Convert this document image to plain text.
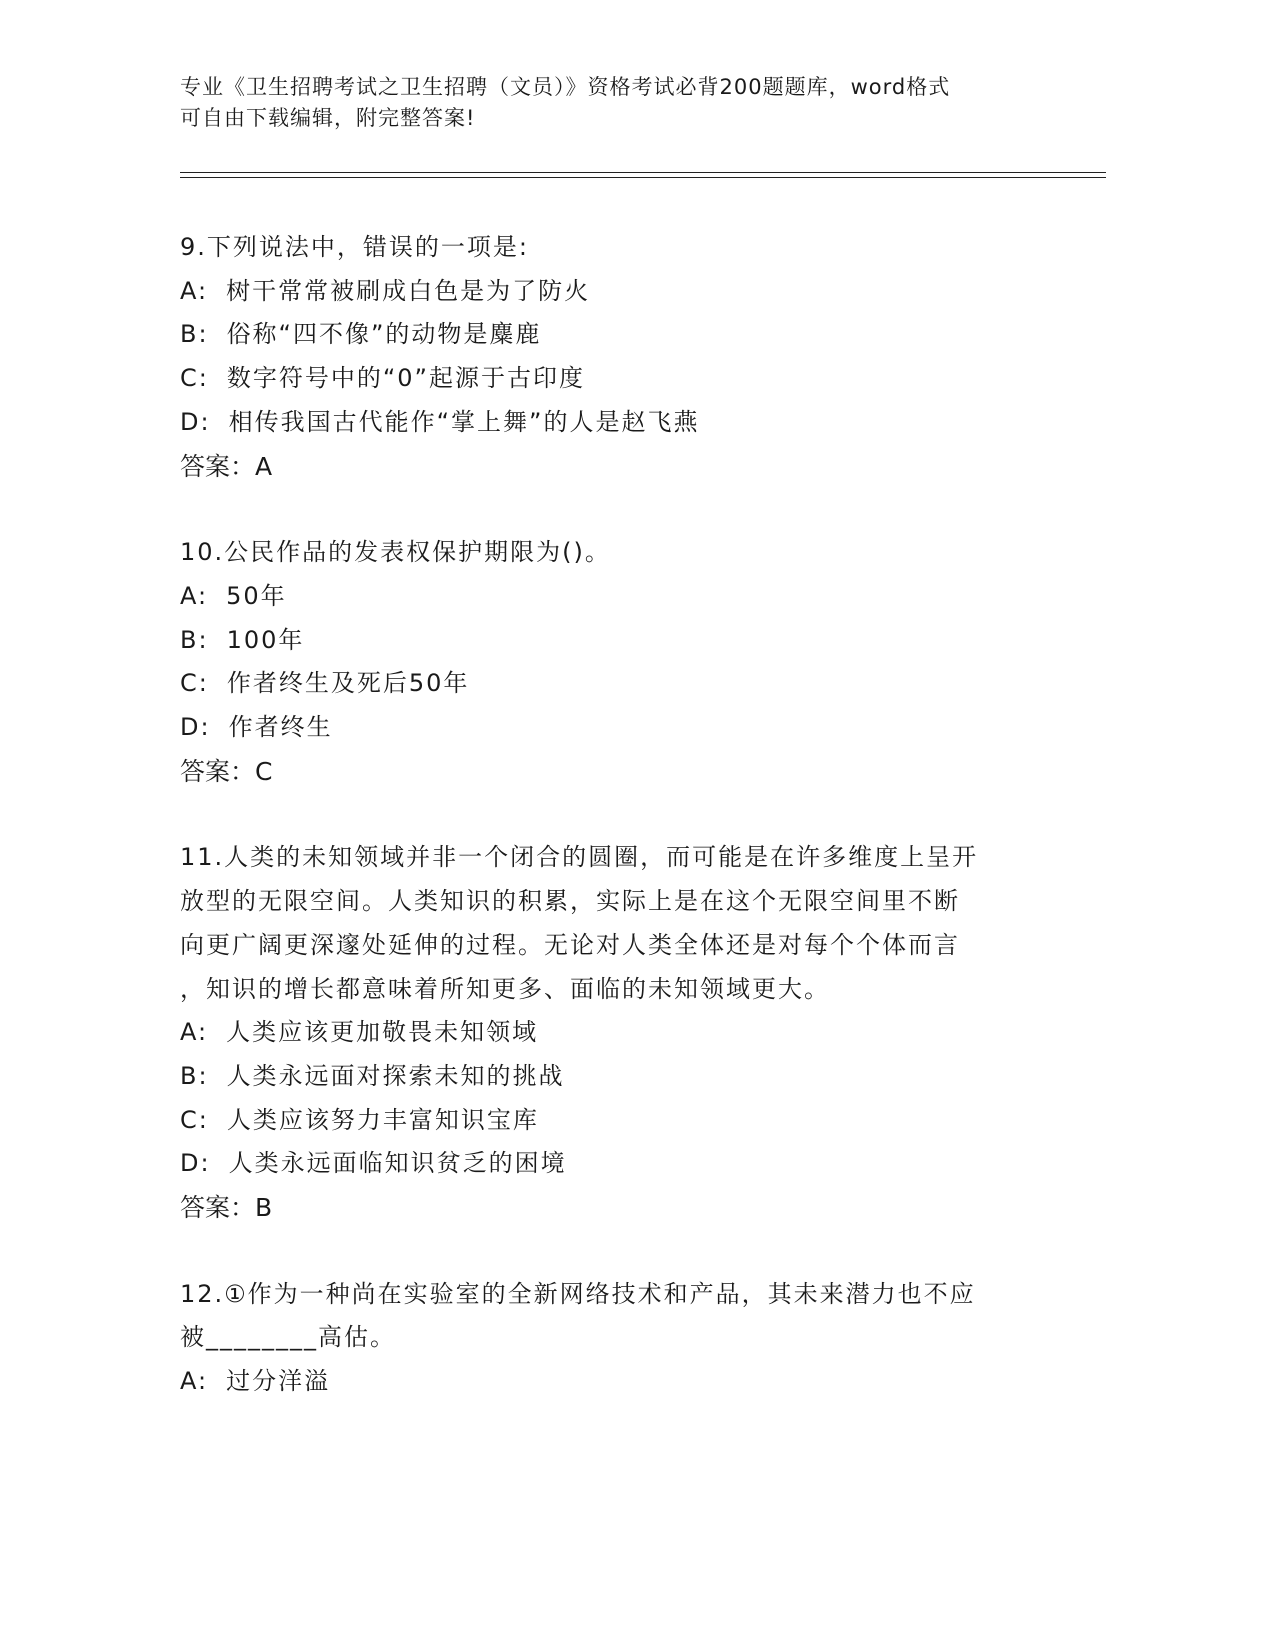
专业《卫生招聘考试之卫生招聘（文员）》资格考试必背200题题库，word格式
可自由下载编辑，附完整答案!

9.下列说法中，错误的一项是:

A: 树干常常被刷成白色是为了防火

B: 俗称“四不像”的动物是麋鹿

C: 数字符号中的“0”起源于古印度

D: 相传我国古代能作“掌上舞”的人是赵飞燕

答案：A

10.公民作品的发表权保护期限为()。

A: 50年

B: 100年

C: 作者终生及死后50年

D: 作者终生

答案：C

11.人类的未知领域并非一个闭合的圆圈，而可能是在许多维度上呈开

放型的无限空间。人类知识的积累，实际上是在这个无限空间里不断

向更广阔更深邃处延伸的过程。无论对人类全体还是对每个个体而言

，知识的增长都意味着所知更多、面临的未知领域更大。

A: 人类应该更加敬畏未知领域

B: 人类永远面对探索未知的挑战

C: 人类应该努力丰富知识宝库

D: 人类永远面临知识贫乏的困境

答案：B

12.①作为一种尚在实验室的全新网络技术和产品，其未来潜力也不应

被________高估。

A: 过分洋溢
